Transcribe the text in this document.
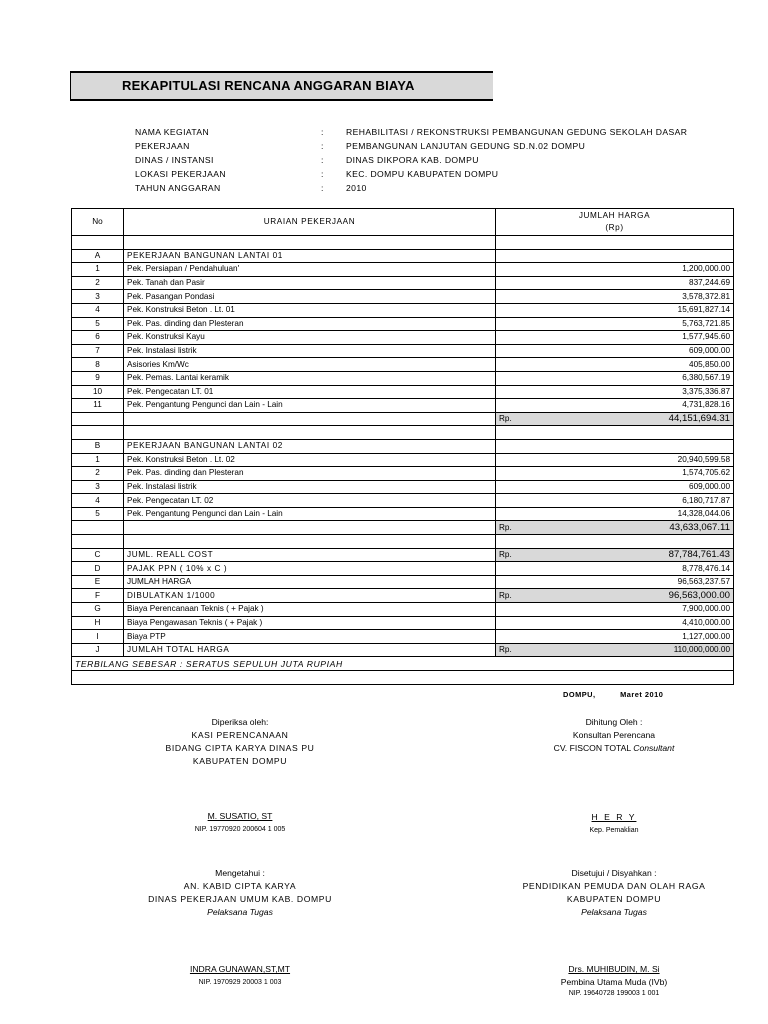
REKAPITULASI RENCANA ANGGARAN BIAYA
NAMA KEGIATAN	:	REHABILITASI / REKONSTRUKSI PEMBANGUNAN GEDUNG SEKOLAH DASAR
PEKERJAAN	:	PEMBANGUNAN LANJUTAN GEDUNG SD.N.02 DOMPU
DINAS / INSTANSI	:	DINAS DIKPORA KAB. DOMPU
LOKASI PEKERJAAN	:	KEC. DOMPU KABUPATEN DOMPU
TAHUN ANGGARAN	:	2010
No	URAIAN PEKERJAAN	JUMLAH HARGA
(Rp)

A	PEKERJAAN BANGUNAN LANTAI 01	
1	Pek. Persiapan / Pendahuluan'	1,200,000.00
2	Pek. Tanah dan Pasir	837,244.69
3	Pek. Pasangan Pondasi	3,578,372.81
4	Pek. Konstruksi Beton . Lt. 01	15,691,827.14
5	Pek. Pas. dinding dan Plesteran	5,763,721.85
6	Pek. Konstruksi Kayu	1,577,945.60
7	Pek. Instalasi listrik	609,000.00
8	Asisories Km/Wc	405,850.00
9	Pek. Pemas. Lantai keramik	6,380,567.19
10	Pek. Pengecatan LT. 01	3,375,336.87
11	Pek. Pengantung Pengunci dan Lain - Lain	4,731,828.16

		Rp. 44,151,694.31

B	PEKERJAAN BANGUNAN LANTAI 02	
1	Pek. Konstruksi Beton . Lt. 02	20,940,599.58
2	Pek. Pas. dinding dan Plesteran	1,574,705.62
3	Pek. Instalasi listrik	609,000.00
4	Pek. Pengecatan LT. 02	6,180,717.87
5	Pek. Pengantung Pengunci dan Lain - Lain	14,328,044.06

		Rp. 43,633,067.11

C	JUML. REALL COST	Rp. 87,784,761.43
D	PAJAK PPN ( 10% x C )	8,778,476.14
E	JUMLAH HARGA	96,563,237.57
F	DIBULATKAN 1/1000	Rp. 96,563,000.00
G	Biaya Perencanaan Teknis ( + Pajak )	7,900,000.00
H	Biaya Pengawasan Teknis ( + Pajak )	4,410,000.00
I	Biaya PTP	1,127,000.00
J	JUMLAH TOTAL HARGA	Rp. 110,000,000.00
TERBILANG SEBESAR : SERATUS SEPULUH JUTA RUPIAH		

DOMPU,	Maret 2010
Diperiksa oleh:
KASI PERENCANAAN
BIDANG CIPTA KARYA DINAS PU
KABUPATEN DOMPU
M. SUSATIO, ST
NIP. 19770920 200604 1 005
Dihitung Oleh :
Konsultan Perencana
CV. FISCON TOTAL Consultant
H E R Y
Kep. Pemaklian
Mengetahui :
AN. KABID CIPTA KARYA
DINAS PEKERJAAN UMUM KAB. DOMPU
Pelaksana Tugas
INDRA GUNAWAN,ST,MT
NIP. 1970929 20003 1 003
Disetujui / Disyahkan :
PENDIDIKAN PEMUDA DAN OLAH RAGA
KABUPATEN DOMPU
Pelaksana Tugas
Drs. MUHIBUDIN, M. Si
Pembina Utama Muda (IVb)
NIP. 19640728 199003 1 001
